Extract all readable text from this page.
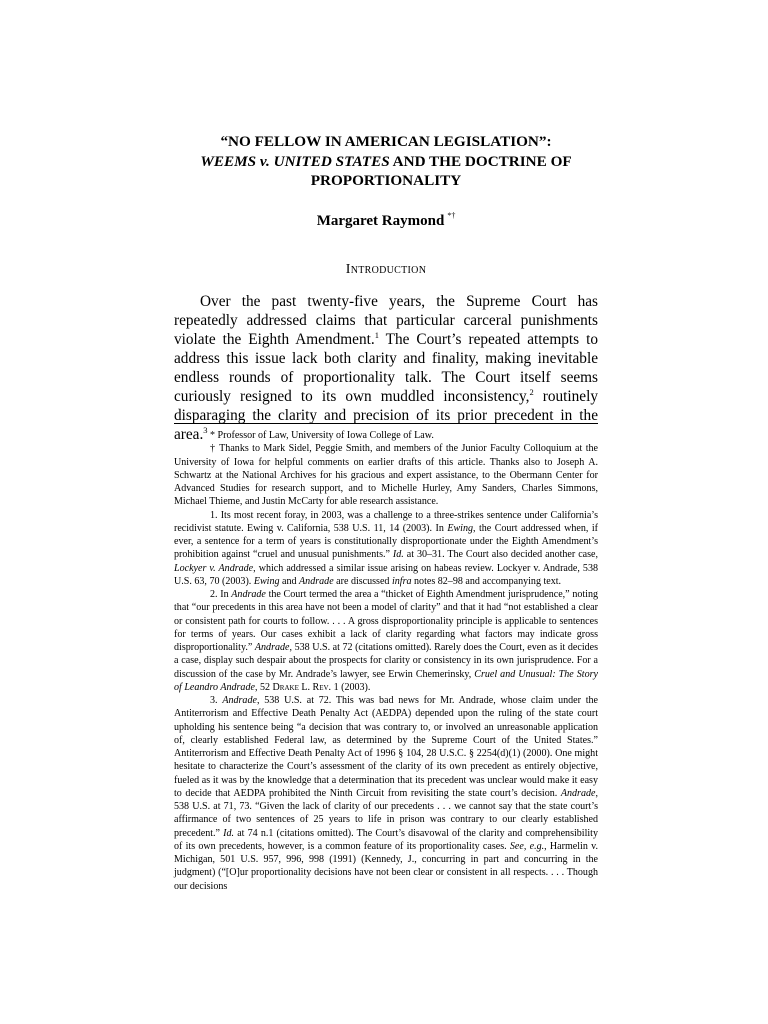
“NO FELLOW IN AMERICAN LEGISLATION”:
WEEMS v. UNITED STATES AND THE DOCTRINE OF
PROPORTIONALITY
Margaret Raymond *†
Introduction

Over the past twenty-five years, the Supreme Court has repeatedly addressed claims that particular carceral punishments violate the Eighth Amendment.$^1$ The Court’s repeated attempts to address this issue lack both clarity and finality, making inevitable endless rounds of proportionality talk. The Court itself seems curiously resigned to its own muddled inconsistency,$^2$ routinely disparaging the clarity and precision of its prior precedent in the area.$^3$ * Professor of Law, University of Iowa College of Law.

† Thanks to Mark Sidel, Peggie Smith, and members of the Junior Faculty Colloquium at the University of Iowa for helpful comments on earlier drafts of this article. Thanks also to Joseph A. Schwartz at the National Archives for his gracious and expert assistance, to the Obermann Center for Advanced Studies for research support, and to Michelle Hurley, Amy Sanders, Charles Simmons, Michael Thieme, and Justin McCarty for able research assistance.

1. Its most recent foray, in 2003, was a challenge to a three-strikes sentence under California’s recidivist statute. Ewing v. California, 538 U.S. 11, 14 (2003). In Ewing, the Court addressed when, if ever, a sentence for a term of years is constitutionally disproportionate under the Eighth Amendment’s prohibition against “cruel and unusual punishments.” Id. at 30–31. The Court also decided another case, Lockyer v. Andrade, which addressed a similar issue arising on habeas review. Lockyer v. Andrade, 538 U.S. 63, 70 (2003). Ewing and Andrade are discussed infra notes 82–98 and accompanying text.

2. In Andrade the Court termed the area a “thicket of Eighth Amendment jurisprudence,” noting that “our precedents in this area have not been a model of clarity” and that it had “not established a clear or consistent path for courts to follow. . . . A gross disproportionality principle is applicable to sentences for terms of years. Our cases exhibit a lack of clarity regarding what factors may indicate gross disproportionality.” Andrade, 538 U.S. at 72 (citations omitted). Rarely does the Court, even as it decides a case, display such despair about the prospects for clarity or consistency in its own jurisprudence. For a discussion of the case by Mr. Andrade’s lawyer, see Erwin Chemerinsky, Cruel and Unusual: The Story of Leandro Andrade, 52 Drake L. Rev. 1 (2003).

3. Andrade, 538 U.S. at 72. This was bad news for Mr. Andrade, whose claim under the Antiterrorism and Effective Death Penalty Act (AEDPA) depended upon the ruling of the state court upholding his sentence being “a decision that was contrary to, or involved an unreasonable application of, clearly established Federal law, as determined by the Supreme Court of the United States.” Antiterrorism and Effective Death Penalty Act of 1996 § 104, 28 U.S.C. § 2254(d)(1) (2000). One might hesitate to characterize the Court’s assessment of the clarity of its own precedent as entirely objective, fueled as it was by the knowledge that a determination that its precedent was unclear would make it easy to decide that AEDPA prohibited the Ninth Circuit from revisiting the state court’s decision. Andrade, 538 U.S. at 71, 73. “Given the lack of clarity of our precedents . . . we cannot say that the state court’s affirmance of two sentences of 25 years to life in prison was contrary to our clearly established precedent.” Id. at 74 n.1 (citations omitted). The Court’s disavowal of the clarity and comprehensibility of its own precedents, however, is a common feature of its proportionality cases. See, e.g., Harmelin v. Michigan, 501 U.S. 957, 996, 998 (1991) (Kennedy, J., concurring in part and concurring in the judgment) (“[O]ur proportionality decisions have not been clear or consistent in all respects. . . . Though our decisions
